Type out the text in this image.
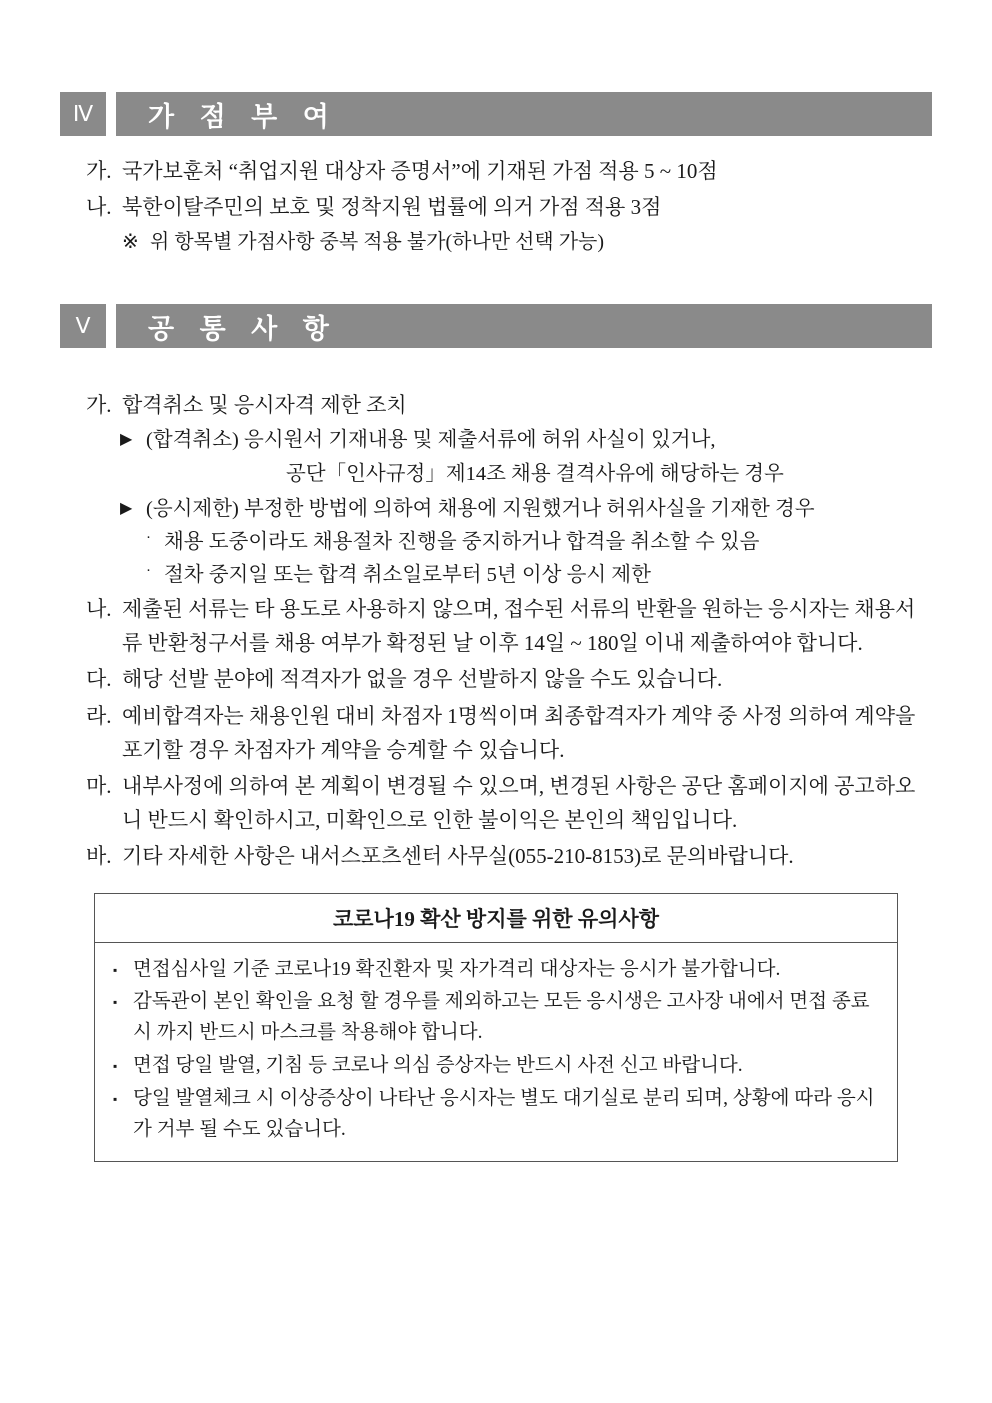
Ⅳ	가 점 부 여
가. 국가보훈처 “취업지원 대상자 증명서”에 기재된 가점 적용 5 ~ 10점
나. 북한이탈주민의 보호 및 정착지원 법률에 의거 가점 적용 3점
※ 위 항목별 가점사항 중복 적용 불가(하나만 선택 가능)
Ⅴ	공 통 사 항
가. 합격취소 및 응시자격 제한 조치
▶ (합격취소) 응시원서 기재내용 및 제출서류에 허위 사실이 있거나,
공단「인사규정」제14조 채용 결격사유에 해당하는 경우
▶ (응시제한) 부정한 방법에 의하여 채용에 지원했거나 허위사실을 기재한 경우
· 채용 도중이라도 채용절차 진행을 중지하거나 합격을 취소할 수 있음
· 절차 중지일 또는 합격 취소일로부터 5년 이상 응시 제한
나. 제출된 서류는 타 용도로 사용하지 않으며, 접수된 서류의 반환을 원하는 응시자는 채용서류 반환청구서를 채용 여부가 확정된 날 이후 14일 ~ 180일 이내 제출하여야 합니다.
다. 해당 선발 분야에 적격자가 없을 경우 선발하지 않을 수도 있습니다.
라. 예비합격자는 채용인원 대비 차점자 1명씩이며 최종합격자가 계약 중 사정 의하여 계약을 포기할 경우 차점자가 계약을 승계할 수 있습니다.
마. 내부사정에 의하여 본 계획이 변경될 수 있으며, 변경된 사항은 공단 홈페이지에 공고하오니 반드시 확인하시고, 미확인으로 인한 불이익은 본인의 책임입니다.
바. 기타 자세한 사항은 내서스포츠센터 사무실(055-210-8153)로 문의바랍니다.
코로나19 확산 방지를 위한 유의사항
▪ 면접심사일 기준 코로나19 확진환자 및 자가격리 대상자는 응시가 불가합니다.
▪ 감독관이 본인 확인을 요청 할 경우를 제외하고는 모든 응시생은 고사장 내에서 면접 종료 시 까지 반드시 마스크를 착용해야 합니다.
▪ 면접 당일 발열, 기침 등 코로나 의심 증상자는 반드시 사전 신고 바랍니다.
▪ 당일 발열체크 시 이상증상이 나타난 응시자는 별도 대기실로 분리 되며, 상황에 따라 응시가 거부 될 수도 있습니다.
